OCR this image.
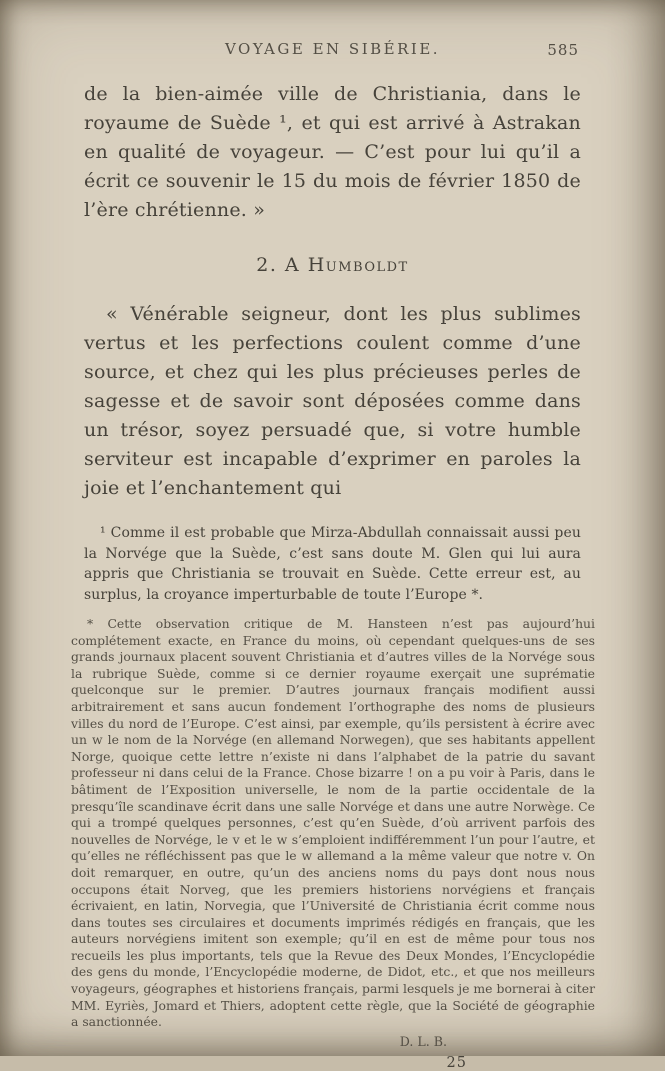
VOYAGE EN SIBÉRIE.	585
de la bien-aimée ville de Christiania, dans le royaume de Suède ¹, et qui est arrivé à Astrakan en qualité de voyageur. — C’est pour lui qu’il a écrit ce souvenir le 15 du mois de février 1850 de l’ère chrétienne. »
2. A Humboldt
« Vénérable seigneur, dont les plus sublimes vertus et les perfections coulent comme d’une source, et chez qui les plus précieuses perles de sagesse et de savoir sont déposées comme dans un trésor, soyez persuadé que, si votre humble serviteur est incapable d’exprimer en paroles la joie et l’enchantement qui
¹ Comme il est probable que Mirza-Abdullah connaissait aussi peu la Norvége que la Suède, c’est sans doute M. Glen qui lui aura appris que Christiania se trouvait en Suède. Cette erreur est, au surplus, la croyance imperturbable de toute l’Europe *.
* Cette observation critique de M. Hansteen n’est pas aujourd’hui complétement exacte, en France du moins, où cependant quelques-uns de ses grands journaux placent souvent Christiania et d’autres villes de la Norvége sous la rubrique Suède, comme si ce dernier royaume exerçait une suprématie quelconque sur le premier. D’autres journaux français modifient aussi arbitrairement et sans aucun fondement l’orthographe des noms de plusieurs villes du nord de l’Europe. C’est ainsi, par exemple, qu’ils persistent à écrire avec un w le nom de la Norvége (en allemand Norwegen), que ses habitants appellent Norge, quoique cette lettre n’existe ni dans l’alphabet de la patrie du savant professeur ni dans celui de la France. Chose bizarre ! on a pu voir à Paris, dans le bâtiment de l’Exposition universelle, le nom de la partie occidentale de la presqu’île scandinave écrit dans une salle Norvége et dans une autre Norwège. Ce qui a trompé quelques personnes, c’est qu’en Suède, d’où arrivent parfois des nouvelles de Norvége, le v et le w s’emploient indifféremment l’un pour l’autre, et qu’elles ne réfléchissent pas que le w allemand a la même valeur que notre v. On doit remarquer, en outre, qu’un des anciens noms du pays dont nous nous occupons était Norveg, que les premiers historiens norvégiens et français écrivaient, en latin, Norvegia, que l’Université de Christiania écrit comme nous dans toutes ses circulaires et documents imprimés rédigés en français, que les auteurs norvégiens imitent son exemple; qu’il en est de même pour tous nos recueils les plus importants, tels que la Revue des Deux Mondes, l’Encyclopédie des gens du monde, l’Encyclopédie moderne, de Didot, etc., et que nos meilleurs voyageurs, géographes et historiens français, parmi lesquels je me bornerai à citer MM. Eyriès, Jomard et Thiers, adoptent cette règle, que la Société de géographie a sanctionnée.
D. L. B.
25
